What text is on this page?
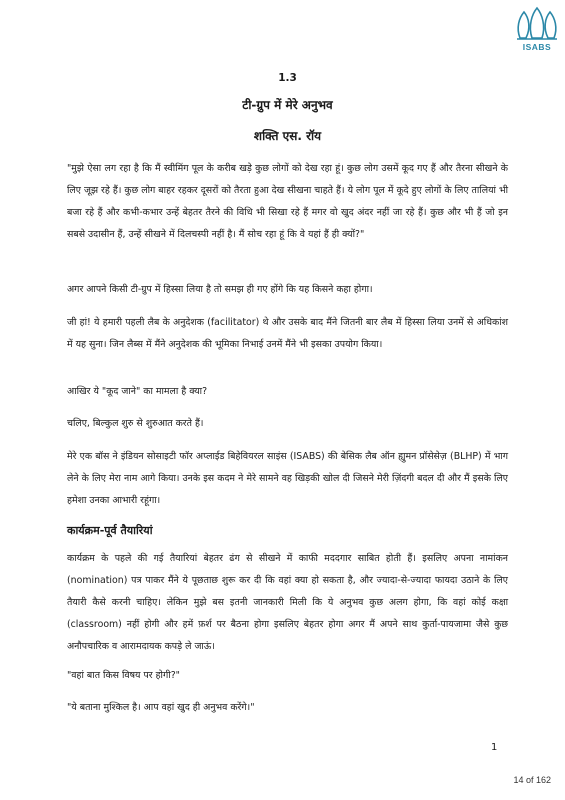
ISABS
1.3
टी-ग्रुप में मेरे अनुभव
शक्ति एस. रॉय

"मुझे ऐसा लग रहा है कि मैं स्वीमिंग पूल के करीब खड़े कुछ लोगों को देख रहा हूं। कुछ लोग उसमें कूद गए हैं और तैरना सीखने के लिए जूझ रहे हैं। कुछ लोग बाहर रहकर दूसरों को तैरता हुआ देख सीखना चाहते हैं। ये लोग पूल में कूदे हुए लोगों के लिए तालियां भी बजा रहे हैं और कभी-कभार उन्हें बेहतर तैरने की विधि भी सिखा रहे हैं मगर वो खुद अंदर नहीं जा रहे हैं। कुछ और भी हैं जो इन सबसे उदासीन हैं, उन्हें सीखने में दिलचस्पी नहीं है। मैं सोच रहा हूं कि वे यहां हैं ही क्यों?"

अगर आपने किसी टी-ग्रुप में हिस्सा लिया है तो समझ ही गए होंगे कि यह किसने कहा होगा।

जी हां! ये हमारी पहली लैब के अनुदेशक (facilitator) थे और उसके बाद मैंने जितनी बार लैब में हिस्सा लिया उनमें से अधिकांश में यह सुना। जिन लैब्स में मैंने अनुदेशक की भूमिका निभाई उनमें मैंने भी इसका उपयोग किया।

आखिर ये "कूद जाने" का मामला है क्या?

चलिए, बिल्कुल शुरु से शुरुआत करते हैं।

मेरे एक बॉस ने इंडियन सोसाइटी फॉर अप्लाईड बिहेवियरल साइंस (ISABS) की बेसिक लैब ऑन ह्युमन प्रॉसेसेज़ (BLHP) में भाग लेने के लिए मेरा नाम आगे किया। उनके इस कदम ने मेरे सामने वह खिड़की खोल दी जिसने मेरी ज़िंदगी बदल दी और मैं इसके लिए हमेशा उनका आभारी रहूंगा।

कार्यक्रम-पूर्व तैयारियां

कार्यक्रम के पहले की गई तैयारियां बेहतर ढंग से सीखने में काफी मददगार साबित होती हैं। इसलिए अपना नामांकन (nomination) पत्र पाकर मैंने ये पूछताछ शुरू कर दी कि वहां क्या हो सकता है, और ज्यादा-से-ज्यादा फायदा उठाने के लिए तैयारी कैसे करनी चाहिए। लेकिन मुझे बस इतनी जानकारी मिली कि ये अनुभव कुछ अलग होगा, कि वहां कोई कक्षा (classroom) नहीं होगी और हमें फ़र्श पर बैठना होगा इसलिए बेहतर होगा अगर मैं अपने साथ कुर्ता-पायजामा जैसे कुछ अनौपचारिक व आरामदायक कपड़े ले जाऊं।

"वहां बात किस विषय पर होगी?"

"ये बताना मुश्किल है। आप वहां खुद ही अनुभव करेंगे।"

1
14 of 162
